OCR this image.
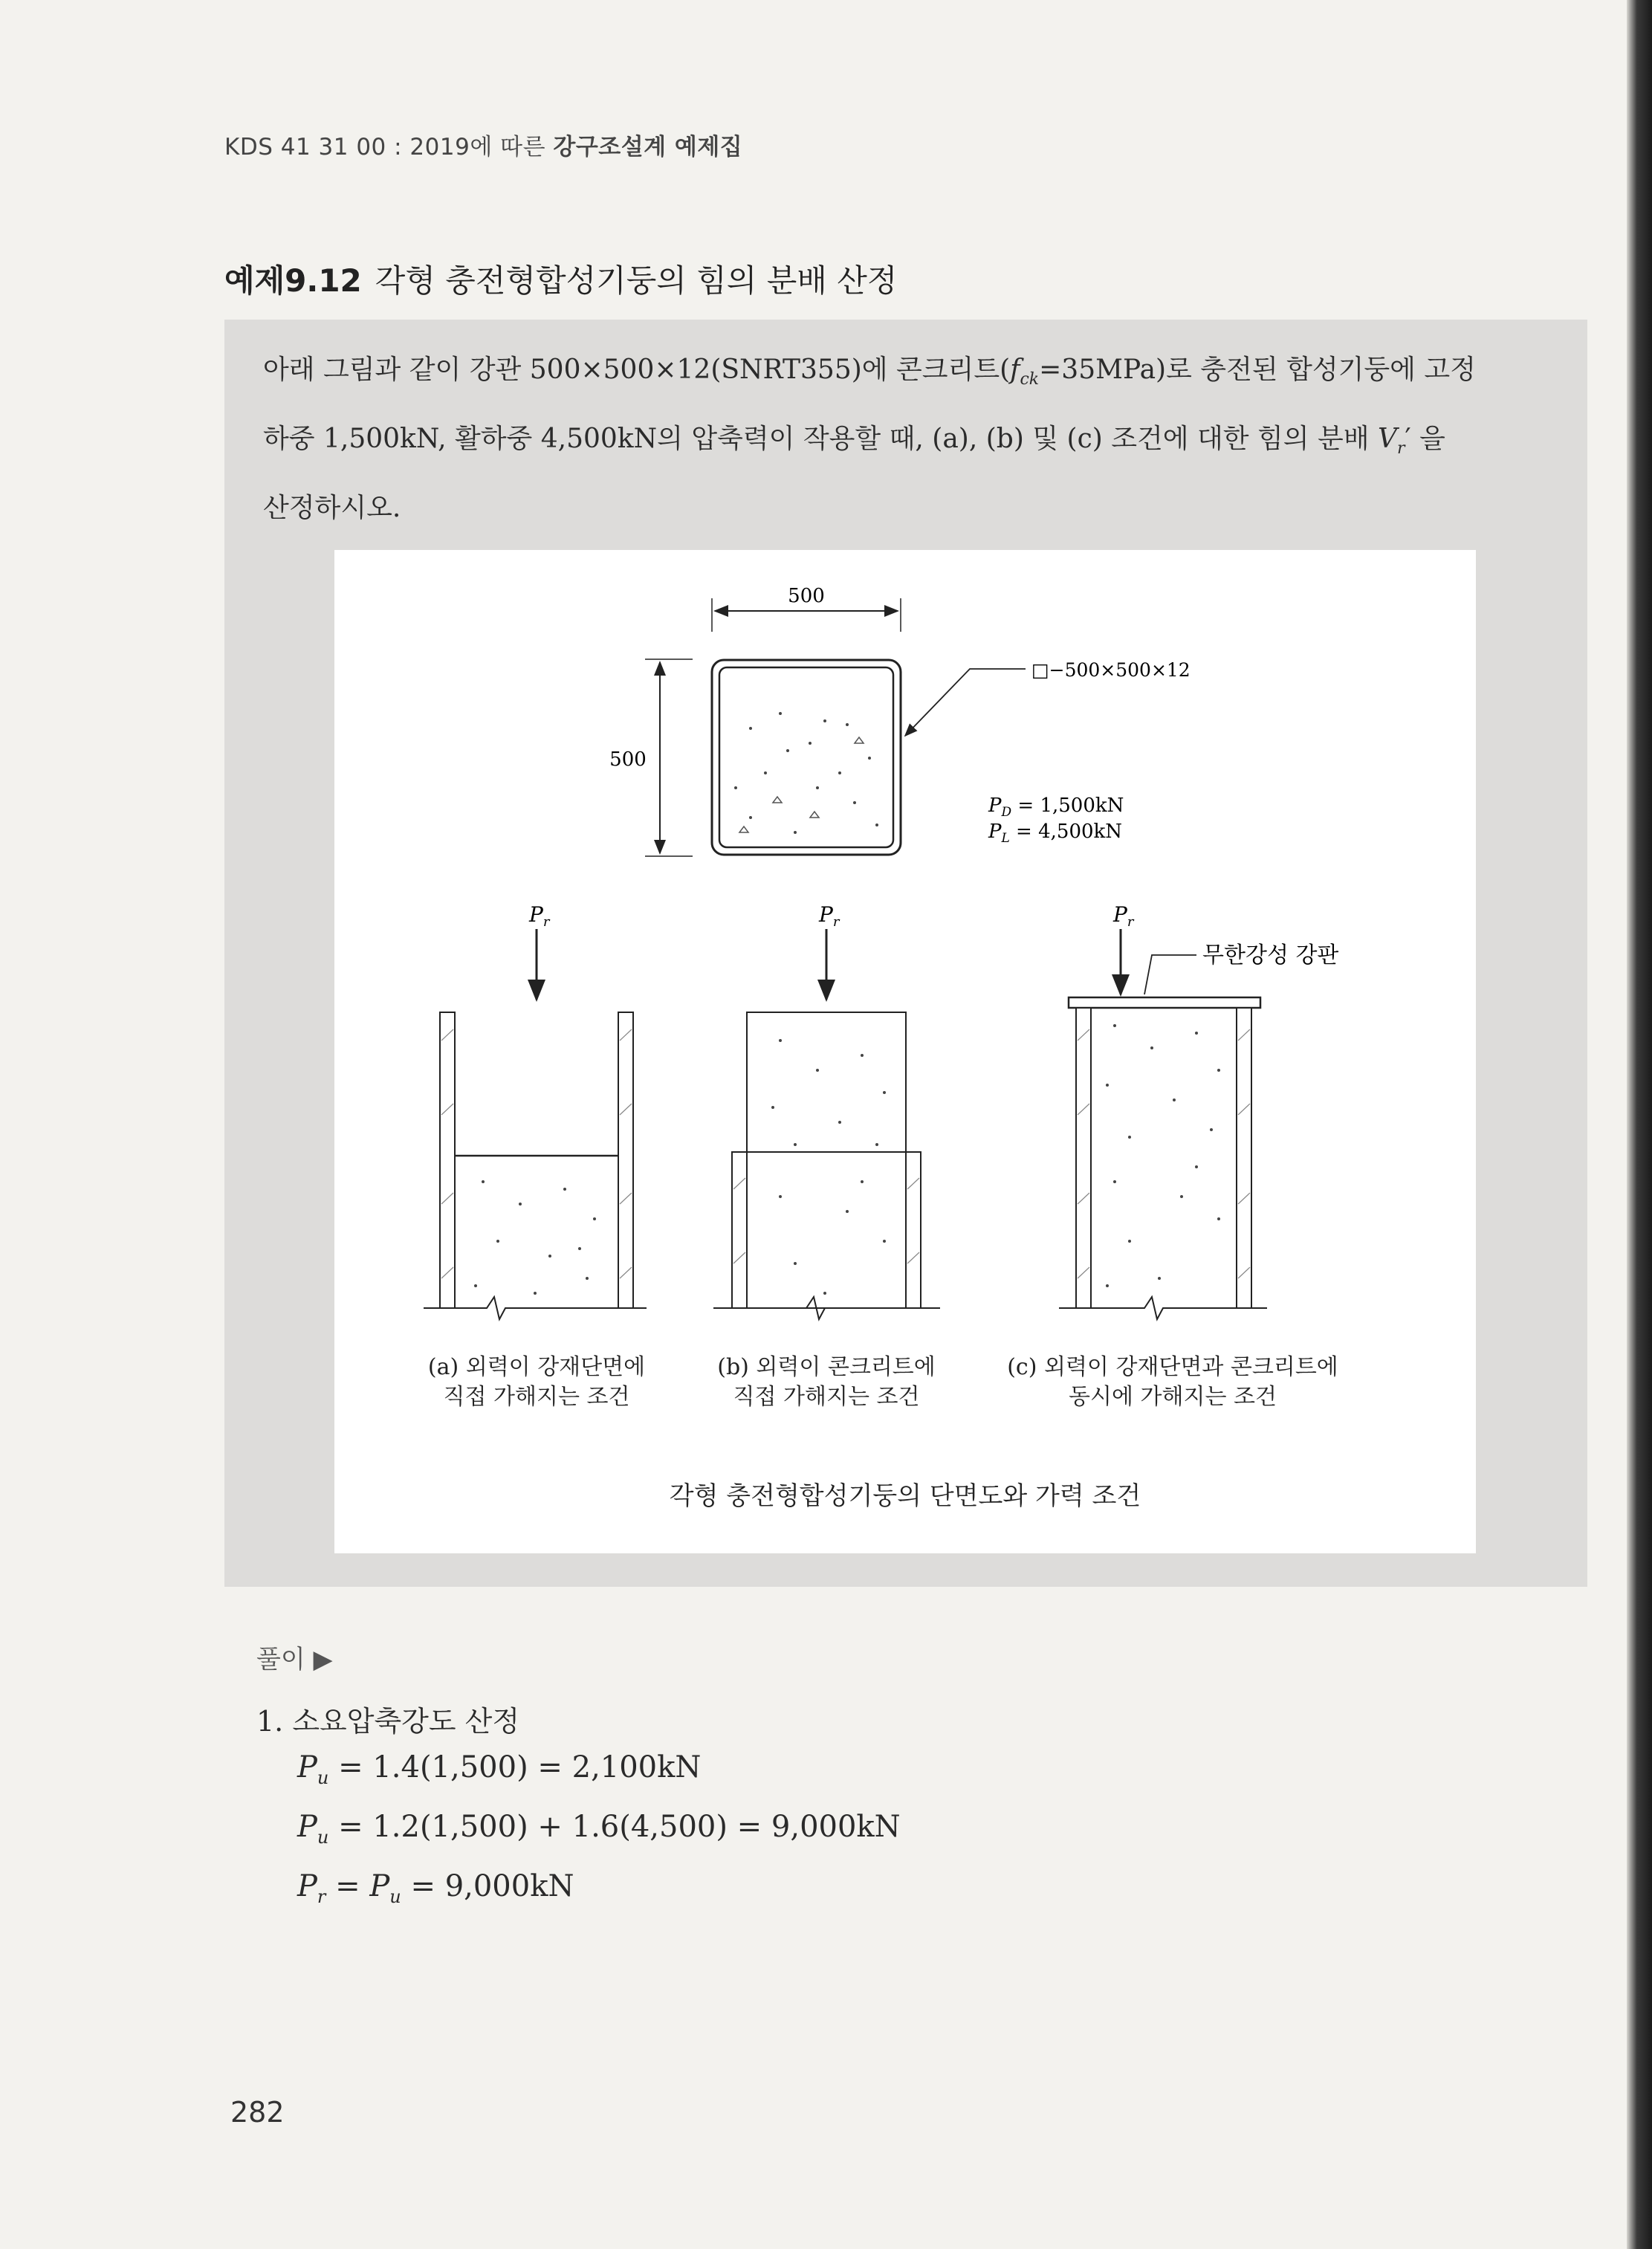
KDS 41 31 00 : 2019에 따른 강구조설계 예제집
예제9.12 각형 충전형합성기둥의 힘의 분배 산정
아래 그림과 같이 강관 500×500×12(SNRT355)에 콘크리트$(f_{ck}=35MPa)$로 충전된 합성기둥에 고정
하중 1,500kN, 활하중 4,500kN의 압축력이 작용할 때, (a), (b) 및 (c) 조건에 대한 힘의 분배 $V_r'$ 을
산정하시오.
500
500
□−500×500×12
$P_D = 1,500kN$
$P_L = 4,500kN$
$P_r$	$P_r$	$P_r$
무한강성 강판
(a) 외력이 강재단면에
직접 가해지는 조건
(b) 외력이 콘크리트에
직접 가해지는 조건
(c) 외력이 강재단면과 콘크리트에
동시에 가해지는 조건
각형 충전형합성기둥의 단면도와 가력 조건
풀이 ▶
1. 소요압축강도 산정
$P_u = 1.4(1,500) = 2,100kN$
$P_u = 1.2(1,500) + 1.6(4,500) = 9,000kN$
$P_r = P_u = 9,000kN$
282
